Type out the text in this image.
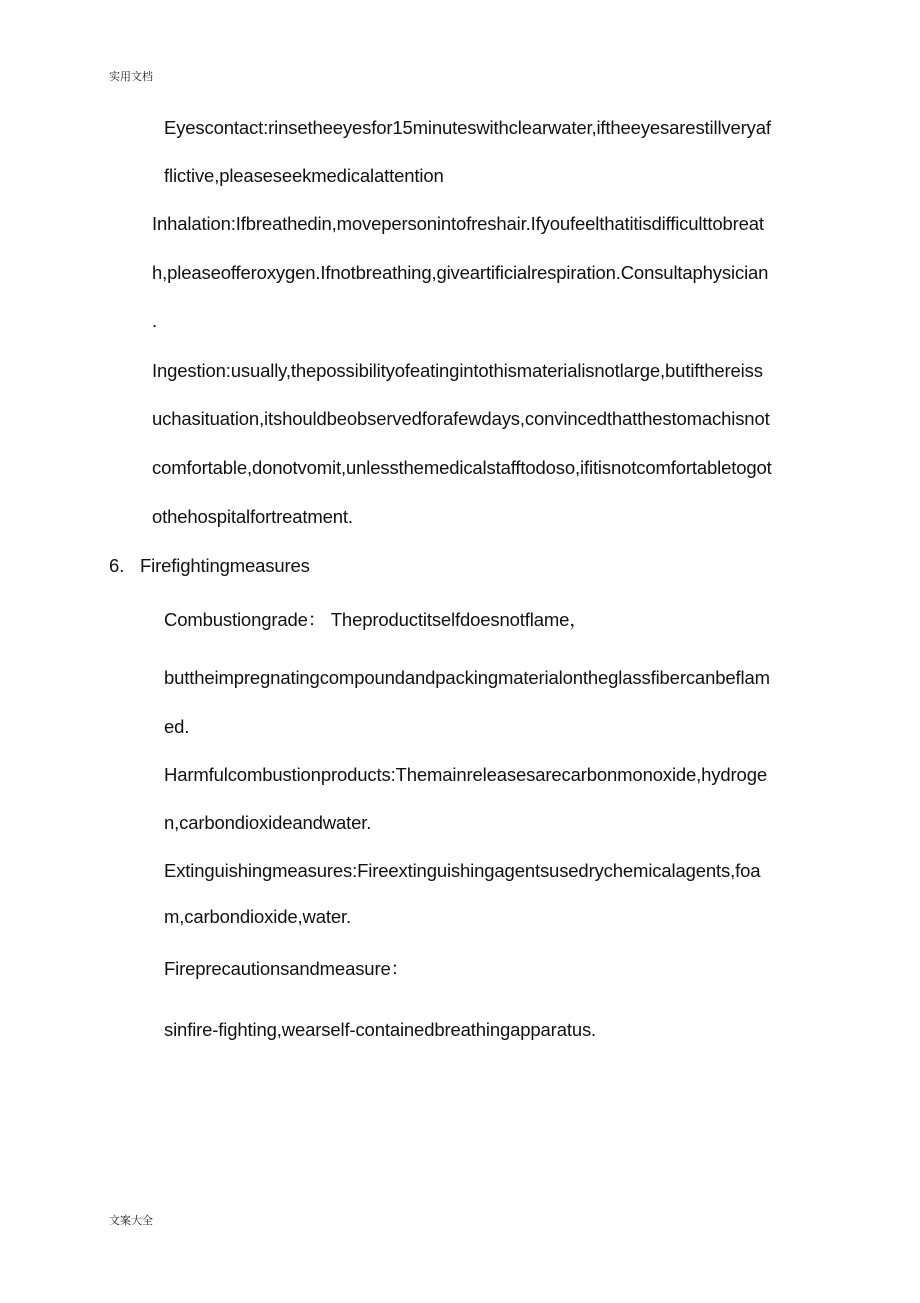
实用文档
Eyescontact:rinsetheeyesfor15minuteswithclearwater,iftheeyesarestillveryaf
flictive,pleaseseekmedicalattention
Inhalation:Ifbreathedin,movepersonintofreshair.Ifyoufeelthatitisdifficulttobreat
h,pleaseofferoxygen.Ifnotbreathing,giveartificialrespiration.Consultaphysician
.
Ingestion:usually,thepossibilityofeatingintothismaterialisnotlarge,butifthereiss
uchasituation,itshouldbeobservedforafewdays,convincedthatthestomachisnot
comfortable,donotvomit,unlessthemedicalstafftodoso,ifitisnotcomfortabletogot
othehospitalfortreatment.
6. Firefightingmeasures
Combustiongrade： Theproductitselfdoesnotflame，
buttheimpregnatingcompoundandpackingmaterialontheglassfibercanbeflam
ed.
Harmfulcombustionproducts:Themainreleasesarecarbonmonoxide,hydroge
n,carbondioxideandwater.
Extinguishingmeasures:Fireextinguishingagentsusedrychemicalagents,foa
m,carbondioxide,water.
Fireprecautionsandmeasure：
sinfire-fighting,wearself-containedbreathingapparatus.
文案大全
